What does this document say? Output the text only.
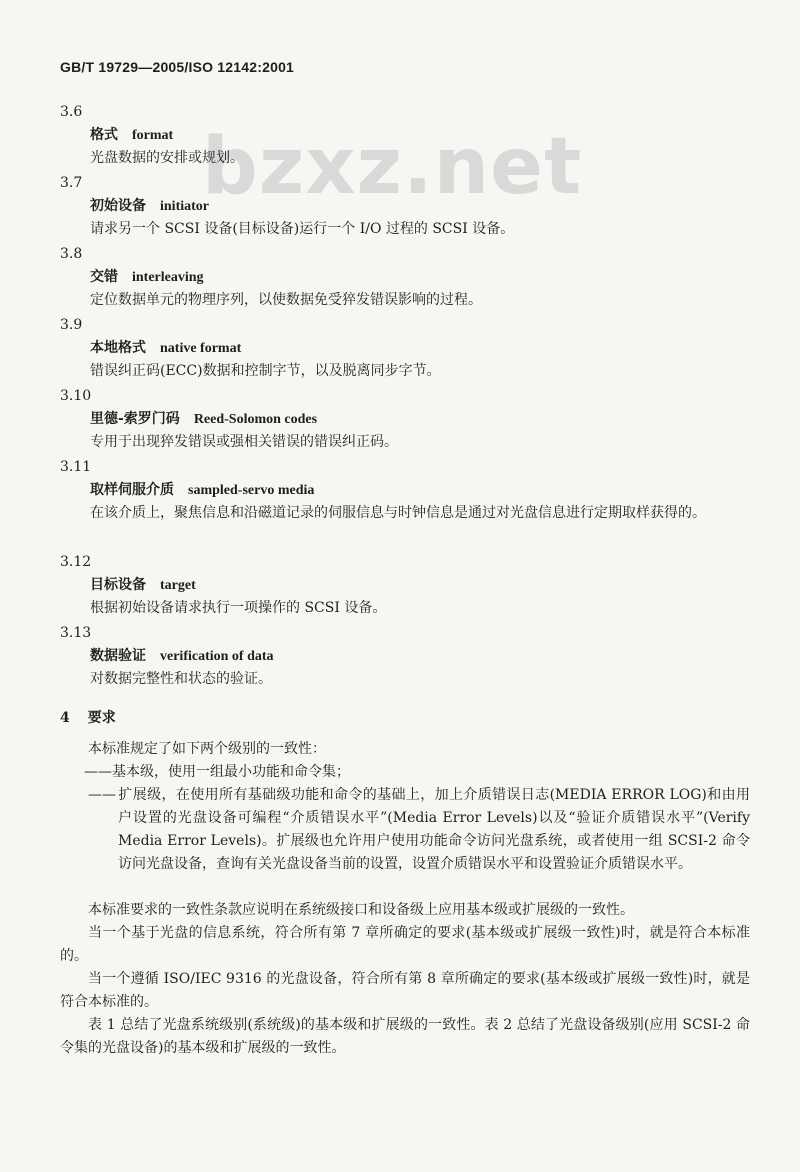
GB/T 19729—2005/ISO 12142:2001
bzxz.net
3.6
格式 format
光盘数据的安排或规划。
3.7
初始设备 initiator
请求另一个 SCSI 设备(目标设备)运行一个 I/O 过程的 SCSI 设备。
3.8
交错 interleaving
定位数据单元的物理序列，以使数据免受猝发错误影响的过程。
3.9
本地格式 native format
错误纠正码(ECC)数据和控制字节，以及脱离同步字节。
3.10
里德-索罗门码 Reed-Solomon codes
专用于出现猝发错误或强相关错误的错误纠正码。
3.11
取样伺服介质 sampled-servo media
在该介质上，聚焦信息和沿磁道记录的伺服信息与时钟信息是通过对光盘信息进行定期取样获得的。
3.12
目标设备 target
根据初始设备请求执行一项操作的 SCSI 设备。
3.13
数据验证 verification of data
对数据完整性和状态的验证。
4 要求
本标准规定了如下两个级别的一致性：
——基本级，使用一组最小功能和命令集；
—— 扩展级，在使用所有基础级功能和命令的基础上，加上介质错误日志(MEDIA ERROR LOG)和由用户设置的光盘设备可编程“介质错误水平”(Media Error Levels)以及“验证介质错误水平”(Verify Media Error Levels)。扩展级也允许用户使用功能命令访问光盘系统，或者使用一组 SCSI-2 命令访问光盘设备，查询有关光盘设备当前的设置，设置介质错误水平和设置验证介质错误水平。
本标准要求的一致性条款应说明在系统级接口和设备级上应用基本级或扩展级的一致性。
当一个基于光盘的信息系统，符合所有第 7 章所确定的要求(基本级或扩展级一致性)时，就是符合本标准的。
当一个遵循 ISO/IEC 9316 的光盘设备，符合所有第 8 章所确定的要求(基本级或扩展级一致性)时，就是符合本标准的。
表 1 总结了光盘系统级别(系统级)的基本级和扩展级的一致性。表 2 总结了光盘设备级别(应用 SCSI-2 命令集的光盘设备)的基本级和扩展级的一致性。
